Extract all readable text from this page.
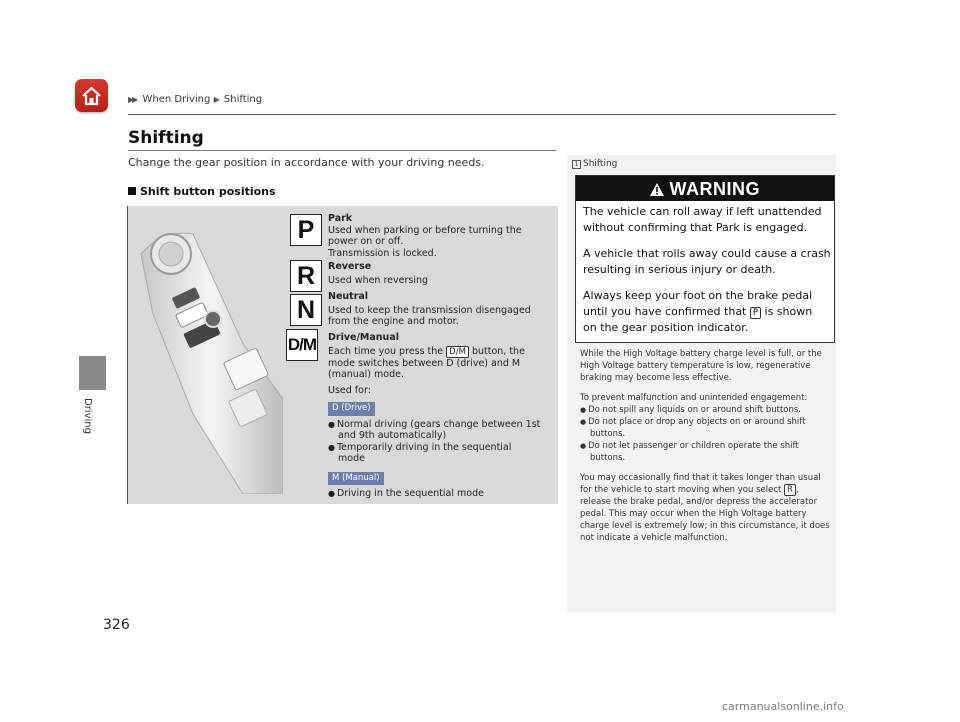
Driving
▶▶ When Driving ▶ Shifting
Shifting
Change the gear position in accordance with your driving needs.
Shift button positions
P
R
N
D/M
Park
Used when parking or before turning the
power on or off.
Transmission is locked.
Reverse
Used when reversing
Neutral
Used to keep the transmission disengaged
from the engine and motor.
Drive/Manual
Each time you press the D/M button, the
mode switches between D (drive) and M
(manual) mode.
Used for:
D (Drive)
● Normal driving (gears change between 1st
and 9th automatically)
● Temporarily driving in the sequential
mode
M (Manual)
● Driving in the sequential mode
1 Shifting
WARNING
The vehicle can roll away if left unattended
without confirming that Park is engaged.
A vehicle that rolls away could cause a crash
resulting in serious injury or death.
Always keep your foot on the brake pedal
until you have confirmed that P is shown
on the gear position indicator.

While the High Voltage battery charge level is full, or the High Voltage battery temperature is low, regenerative braking may become less effective.

To prevent malfunction and unintended engagement:

● Do not spill any liquids on or around shift buttons.
● Do not place or drop any objects on or around shift buttons.
● Do not let passenger or children operate the shift buttons.

You may occasionally find that it takes longer than usual for the vehicle to start moving when you select R , release the brake pedal, and/or depress the accelerator pedal. This may occur when the High Voltage battery charge level is extremely low; in this circumstance, it does not indicate a vehicle malfunction.

326
carmanualsonline.info
